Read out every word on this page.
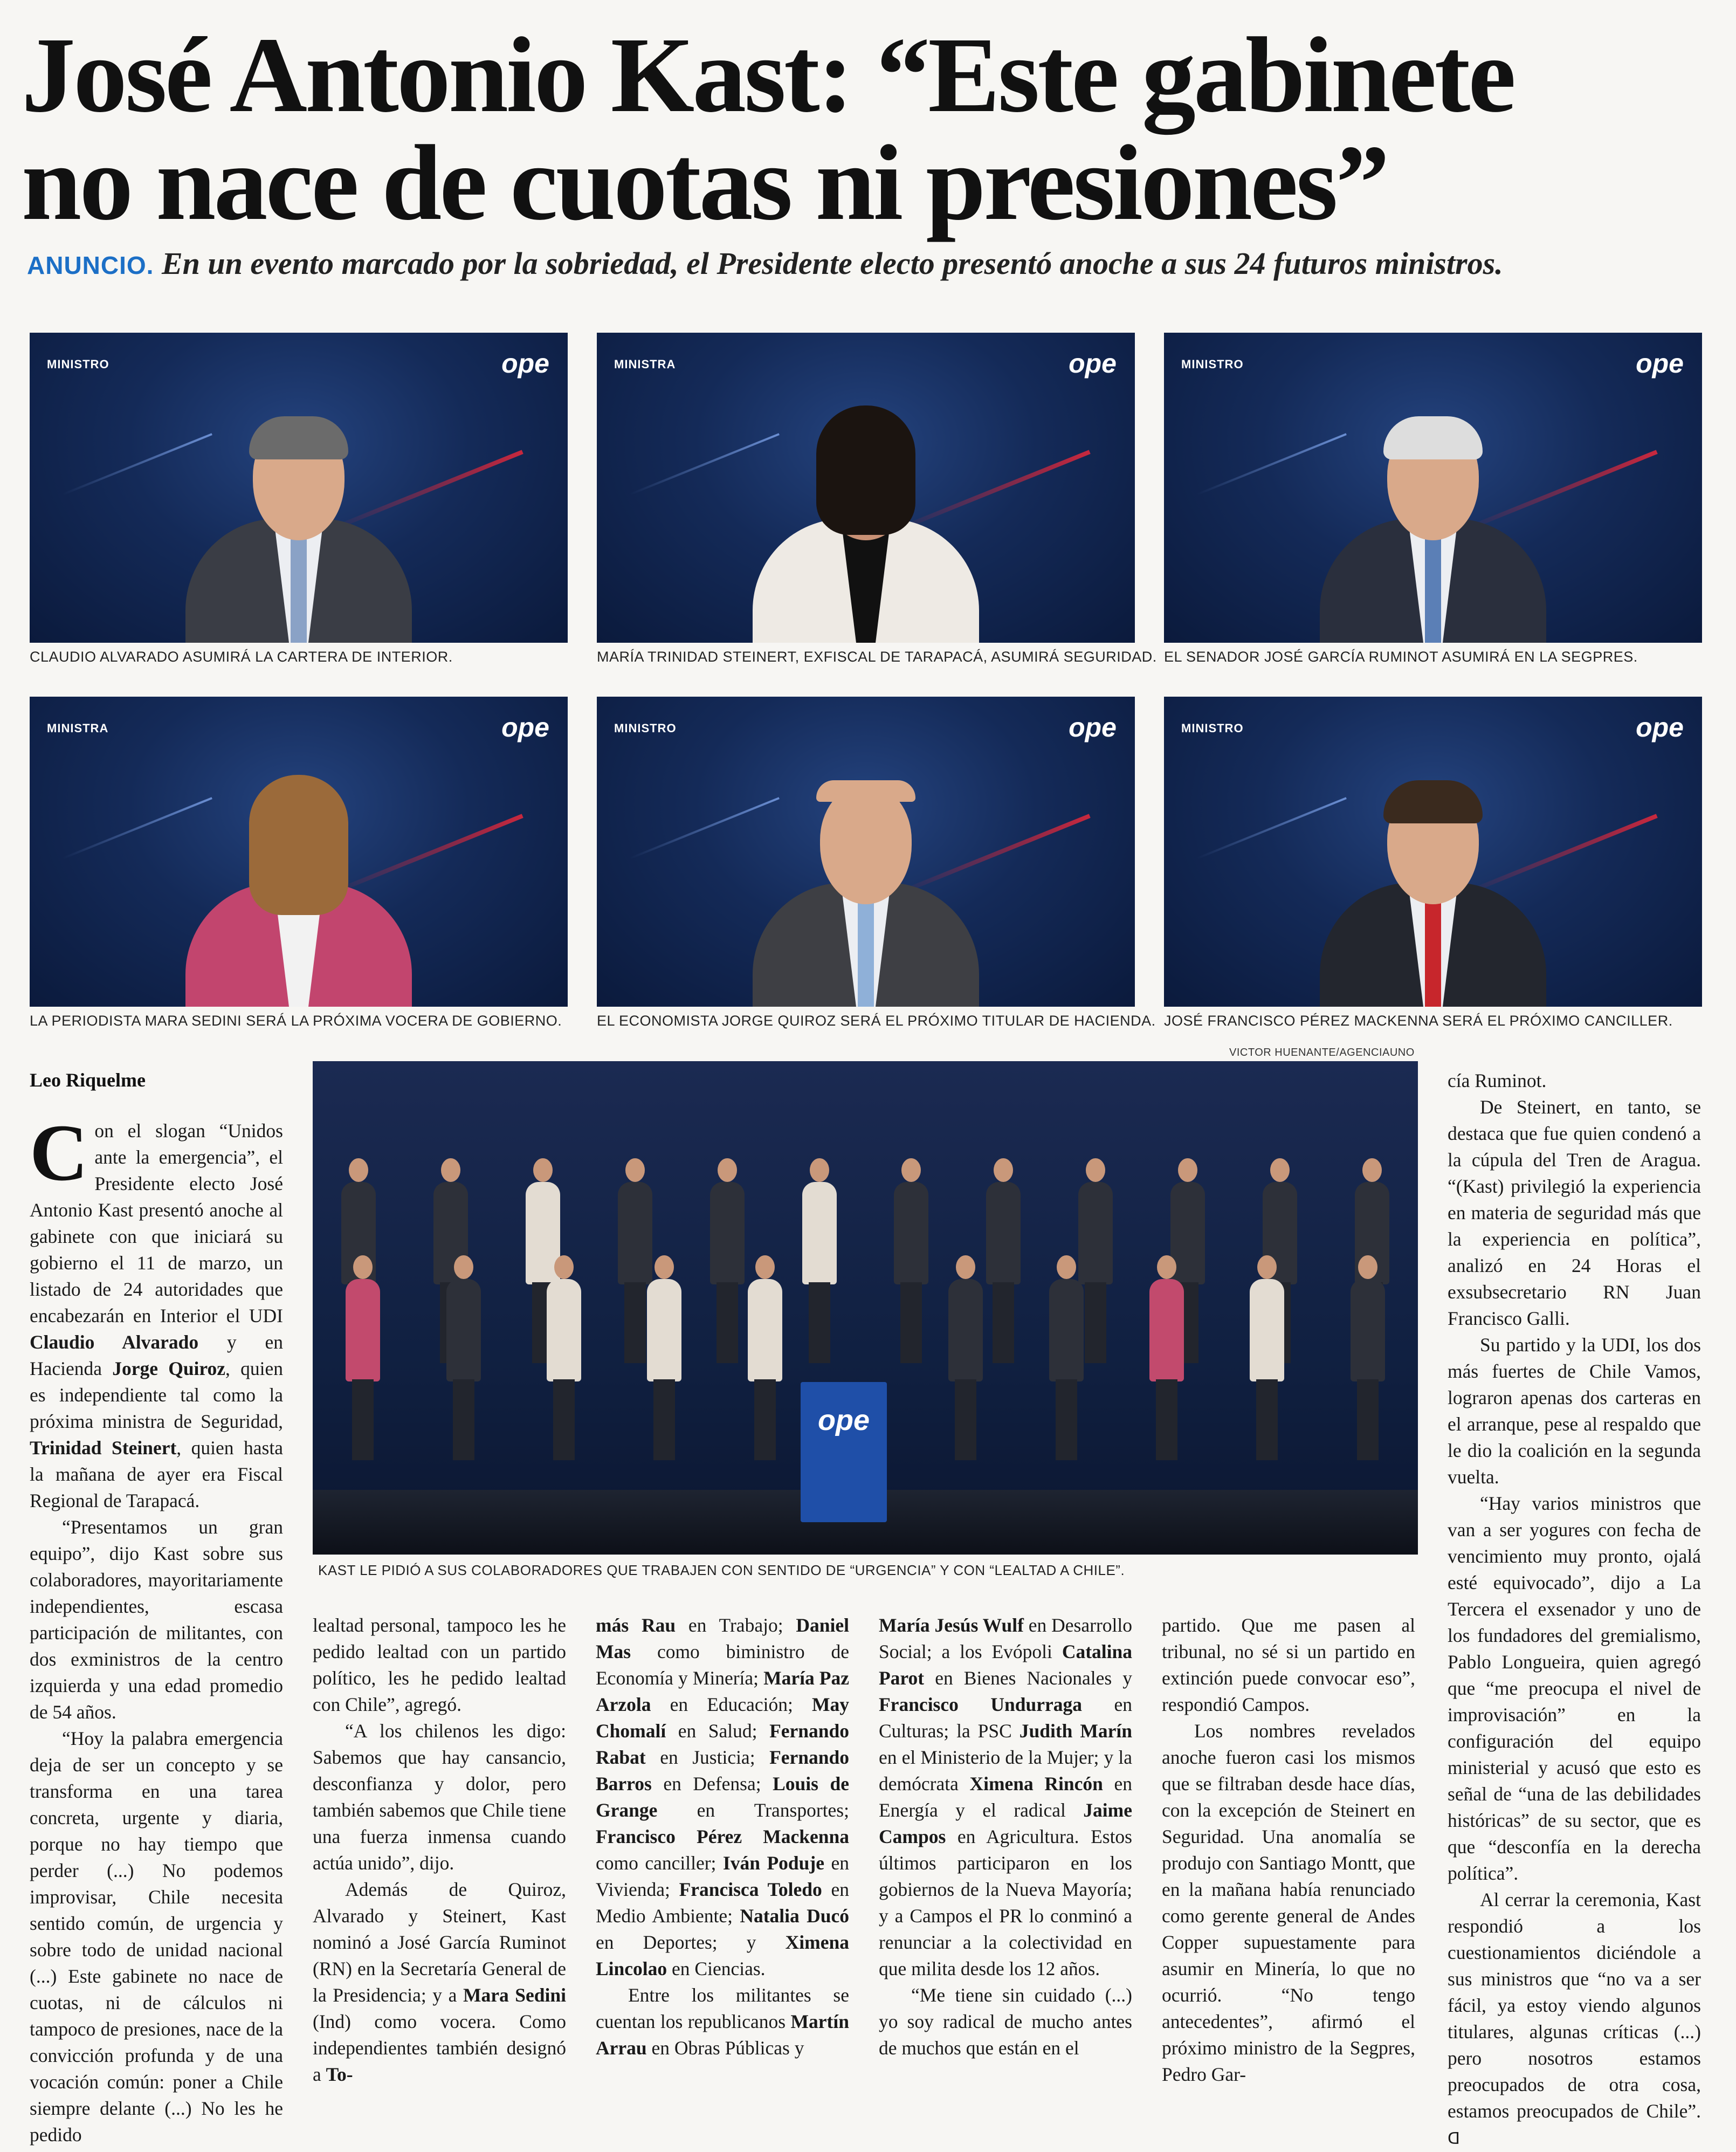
José Antonio Kast: “Este gabinete
no nace de cuotas ni presiones”
ANUNCIO. En un evento marcado por la sobriedad, el Presidente electo presentó anoche a sus 24 futuros ministros.
MINISTRO	ope
CLAUDIO ALVARADO ASUMIRÁ LA CARTERA DE INTERIOR.
MINISTRA	ope
MARÍA TRINIDAD STEINERT, EXFISCAL DE TARAPACÁ, ASUMIRÁ SEGURIDAD.
MINISTRO	ope
EL SENADOR JOSÉ GARCÍA RUMINOT ASUMIRÁ EN LA SEGPRES.
MINISTRA	ope
LA PERIODISTA MARA SEDINI SERÁ LA PRÓXIMA VOCERA DE GOBIERNO.
MINISTRO	ope
EL ECONOMISTA JORGE QUIROZ SERÁ EL PRÓXIMO TITULAR DE HACIENDA.
MINISTRO	ope
JOSÉ FRANCISCO PÉREZ MACKENNA SERÁ EL PRÓXIMO CANCILLER.
VICTOR HUENANTE/AGENCIAUNO
Leo Riquelme
ope
KAST LE PIDIÓ A SUS COLABORADORES QUE TRABAJEN CON SENTIDO DE “URGENCIA” Y CON “LEALTAD A CHILE”.

Con el slogan “Unidos ante la emergencia”, el Presidente electo José Antonio Kast presentó anoche al gabinete con que iniciará su gobierno el 11 de marzo, un listado de 24 autoridades que encabezarán en Interior el UDI Claudio Alvarado y en Hacienda Jorge Quiroz, quien es independiente tal como la próxima ministra de Seguridad, Trinidad Steinert, quien hasta la mañana de ayer era Fiscal Regional de Tarapacá.

“Presentamos un gran equipo”, dijo Kast sobre sus colaboradores, mayoritariamente independientes, escasa participación de militantes, con dos exministros de la centro izquierda y una edad promedio de 54 años.

“Hoy la palabra emergencia deja de ser un concepto y se transforma en una tarea concreta, urgente y diaria, porque no hay tiempo que perder (...) No podemos improvisar, Chile necesita sentido común, de urgencia y sobre todo de unidad nacional (...) Este gabinete no nace de cuotas, ni de cálculos ni tampoco de presiones, nace de la convicción profunda y de una vocación común: poner a Chile siempre delante (...) No les he pedido

lealtad personal, tampoco les he pedido lealtad con un partido político, les he pedido lealtad con Chile”, agregó.

“A los chilenos les digo: Sabemos que hay cansancio, desconfianza y dolor, pero también sabemos que Chile tiene una fuerza inmensa cuando actúa unido”, dijo.

Además de Quiroz, Alvarado y Steinert, Kast nominó a José García Ruminot (RN) en la Secretaría General de la Presidencia; y a Mara Sedini (Ind) como vocera. Como independientes también designó a To-

más Rau en Trabajo; Daniel Mas como biministro de Economía y Minería; María Paz Arzola en Educación; May Chomalí en Salud; Fernando Rabat en Justicia; Fernando Barros en Defensa; Louis de Grange en Transportes; Francisco Pérez Mackenna como canciller; Iván Poduje en Vivienda; Francisca Toledo en Medio Ambiente; Natalia Ducó en Deportes; y Ximena Lincolao en Ciencias.

Entre los militantes se cuentan los republicanos Martín Arrau en Obras Públicas y

María Jesús Wulf en Desarrollo Social; a los Evópoli Catalina Parot en Bienes Nacionales y Francisco Undurraga en Culturas; la PSC Judith Marín en el Ministerio de la Mujer; y la demócrata Ximena Rincón en Energía y el radical Jaime Campos en Agricultura. Estos últimos participaron en los gobiernos de la Nueva Mayoría; y a Campos el PR lo conminó a renunciar a la colectividad en que milita desde los 12 años.

“Me tiene sin cuidado (...) yo soy radical de mucho antes de muchos que están en el

partido. Que me pasen al tribunal, no sé si un partido en extinción puede convocar eso”, respondió Campos.

Los nombres revelados anoche fueron casi los mismos que se filtraban desde hace días, con la excepción de Steinert en Seguridad. Una anomalía se produjo con Santiago Montt, que en la mañana había renunciado como gerente general de Andes Copper supuestamente para asumir en Minería, lo que no ocurrió. “No tengo antecedentes”, afirmó el próximo ministro de la Segpres, Pedro Gar-

cía Ruminot.

De Steinert, en tanto, se destaca que fue quien condenó a la cúpula del Tren de Aragua. “(Kast) privilegió la experiencia en materia de seguridad más que la experiencia en política”, analizó en 24 Horas el exsubsecretario RN Juan Francisco Galli.

Su partido y la UDI, los dos más fuertes de Chile Vamos, lograron apenas dos carteras en el arranque, pese al respaldo que le dio la coalición en la segunda vuelta.

“Hay varios ministros que van a ser yogures con fecha de vencimiento muy pronto, ojalá esté equivocado”, dijo a La Tercera el exsenador y uno de los fundadores del gremialismo, Pablo Longueira, quien agregó que “me preocupa el nivel de improvisación” en la configuración del equipo ministerial y acusó que esto es señal de “una de las debilidades históricas” de su sector, que es que “desconfía en la derecha política”.

Al cerrar la ceremonia, Kast respondió a los cuestionamientos diciéndole a sus ministros que “no va a ser fácil, ya estoy viendo algunos titulares, algunas críticas (...) pero nosotros estamos preocupados de otra cosa, estamos preocupados de Chile”. ᗡ
